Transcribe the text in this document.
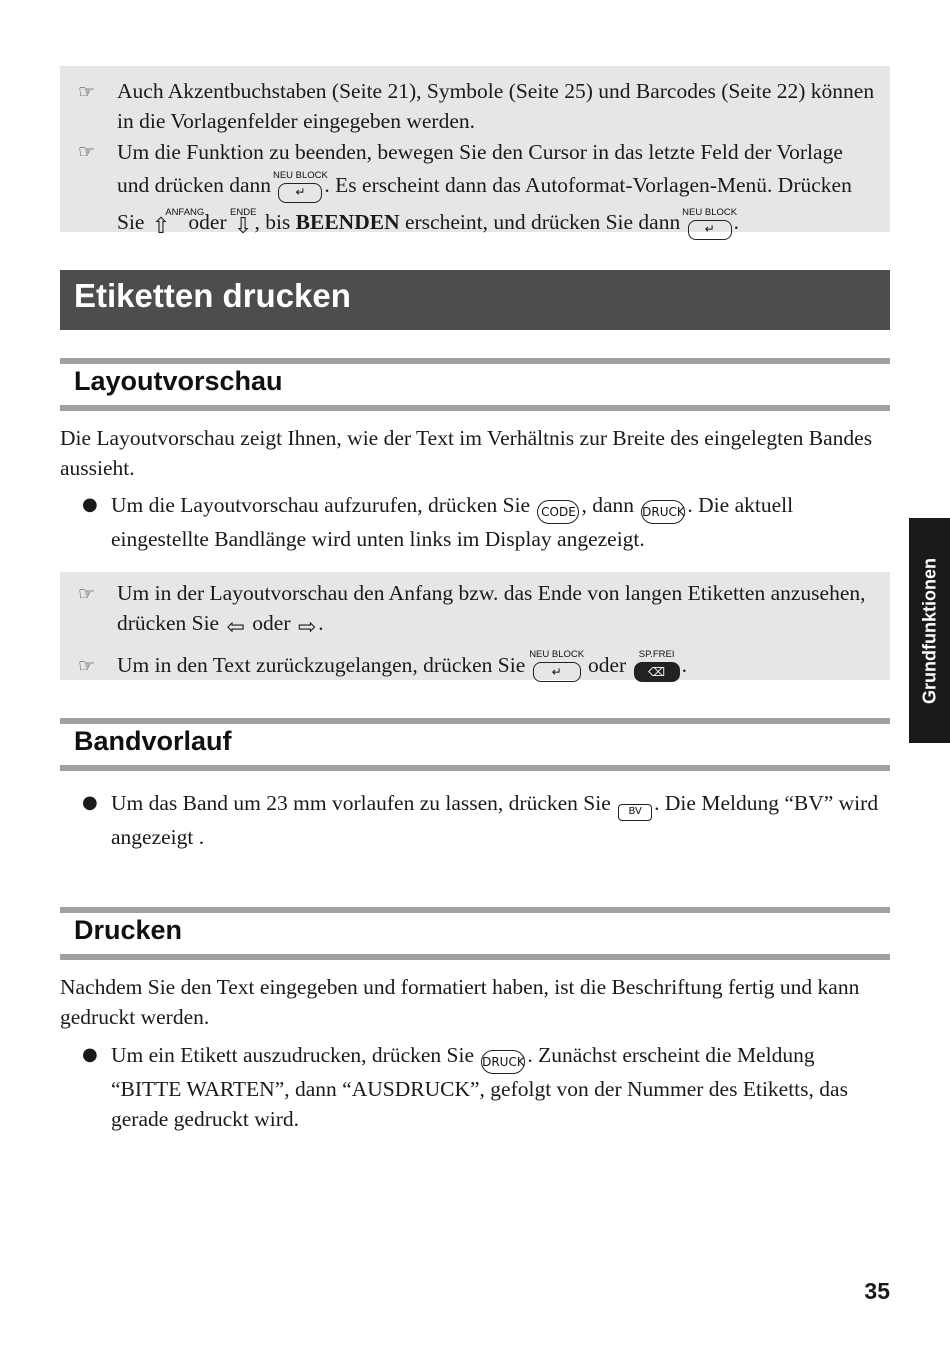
☞	Auch Akzentbuchstaben (Seite 21), Symbole (Seite 25) und Barcodes (Seite 22) können in die Vorlagenfelder eingegeben werden.
☞	Um die Funktion zu beenden, bewegen Sie den Cursor in das letzte Feld der Vorlage und drücken dann NEU BLOCK
↵ . Es erscheint dann das Autoformat-Vorlagen-Menü. Drücken Sie ANFANG
⇧ oder ENDE
⇩, bis BEENDEN erscheint, und drücken Sie dann NEU BLOCK
↵ .
Etiketten drucken
Layoutvorschau
Die Layoutvorschau zeigt Ihnen, wie der Text im Verhältnis zur Breite des eingelegten Bandes aussieht.
● Um die Layoutvorschau aufzurufen, drücken Sie CODE , dann DRUCK . Die aktuell eingestellte Bandlänge wird unten links im Display angezeigt.
☞	Um in der Layoutvorschau den Anfang bzw. das Ende von langen Etiketten anzusehen, drücken Sie ⇦ oder ⇨.
☞	Um in den Text zurückzugelangen, drücken Sie NEU BLOCK
↵ oder SP.FREI
⌫ .
Bandvorlauf
● Um das Band um 23 mm vorlaufen zu lassen, drücken Sie BV . Die Meldung “BV” wird angezeigt .
Drucken
Nachdem Sie den Text eingegeben und formatiert haben, ist die Beschriftung fertig und kann gedruckt werden.
● Um ein Etikett auszudrucken, drücken Sie DRUCK . Zunächst erscheint die Meldung “BITTE WARTEN”, dann “AUSDRUCK”, gefolgt von der Nummer des Etiketts, das gerade gedruckt wird.
Grundfunktionen
35
